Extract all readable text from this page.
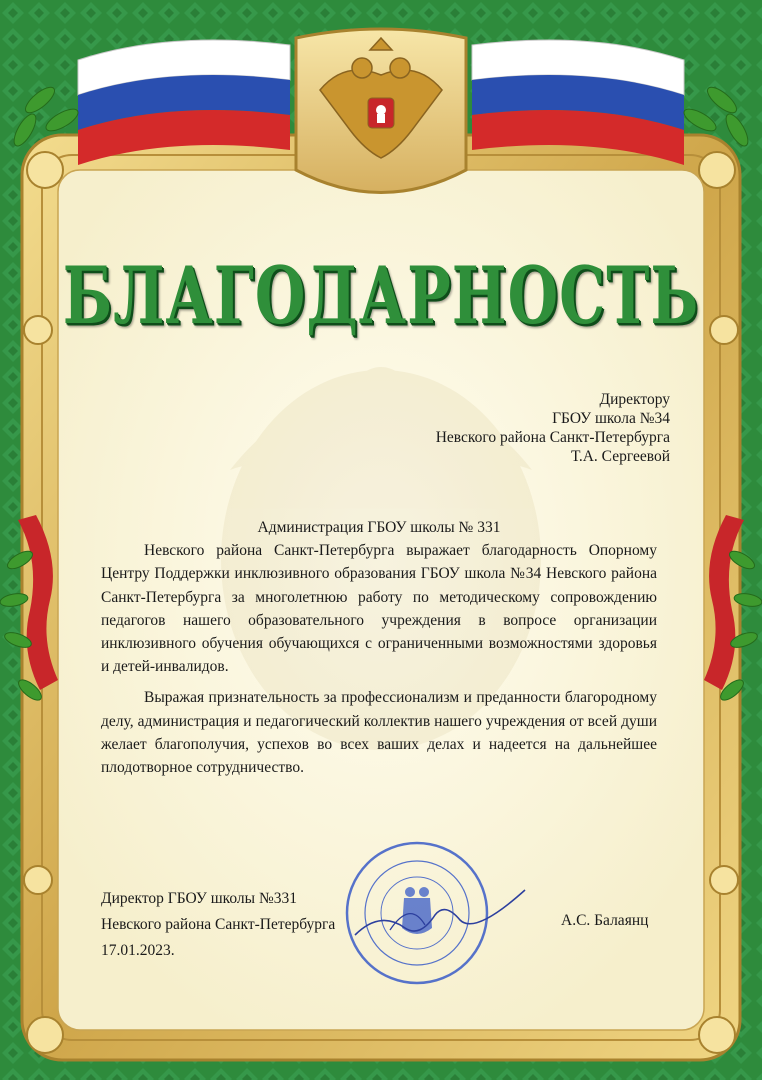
БЛАГОДАРНОСТЬ
Директору
ГБОУ школа №34
Невского района Санкт-Петербурга
Т.А. Сергеевой

Администрация ГБОУ школы № 331

Невского района Санкт-Петербурга выражает благодарность Опорному Центру Поддержки инклюзивного образования ГБОУ школа №34 Невского района Санкт-Петербурга за многолетнюю работу по методическому сопровождению педагогов нашего образовательного учреждения в вопросе организации инклюзивного обучения обучающихся с ограниченными возможностями здоровья и детей-инвалидов.

Выражая признательность за профессионализм и преданности благородному делу, администрация и педагогический коллектив нашего учреждения от всей души желает благополучия, успехов во всех ваших делах и надеется на дальнейшее плодотворное сотрудничество.

Директор ГБОУ школы №331
Невского района Санкт-Петербурга
17.01.2023.
А.С. Балаянц
